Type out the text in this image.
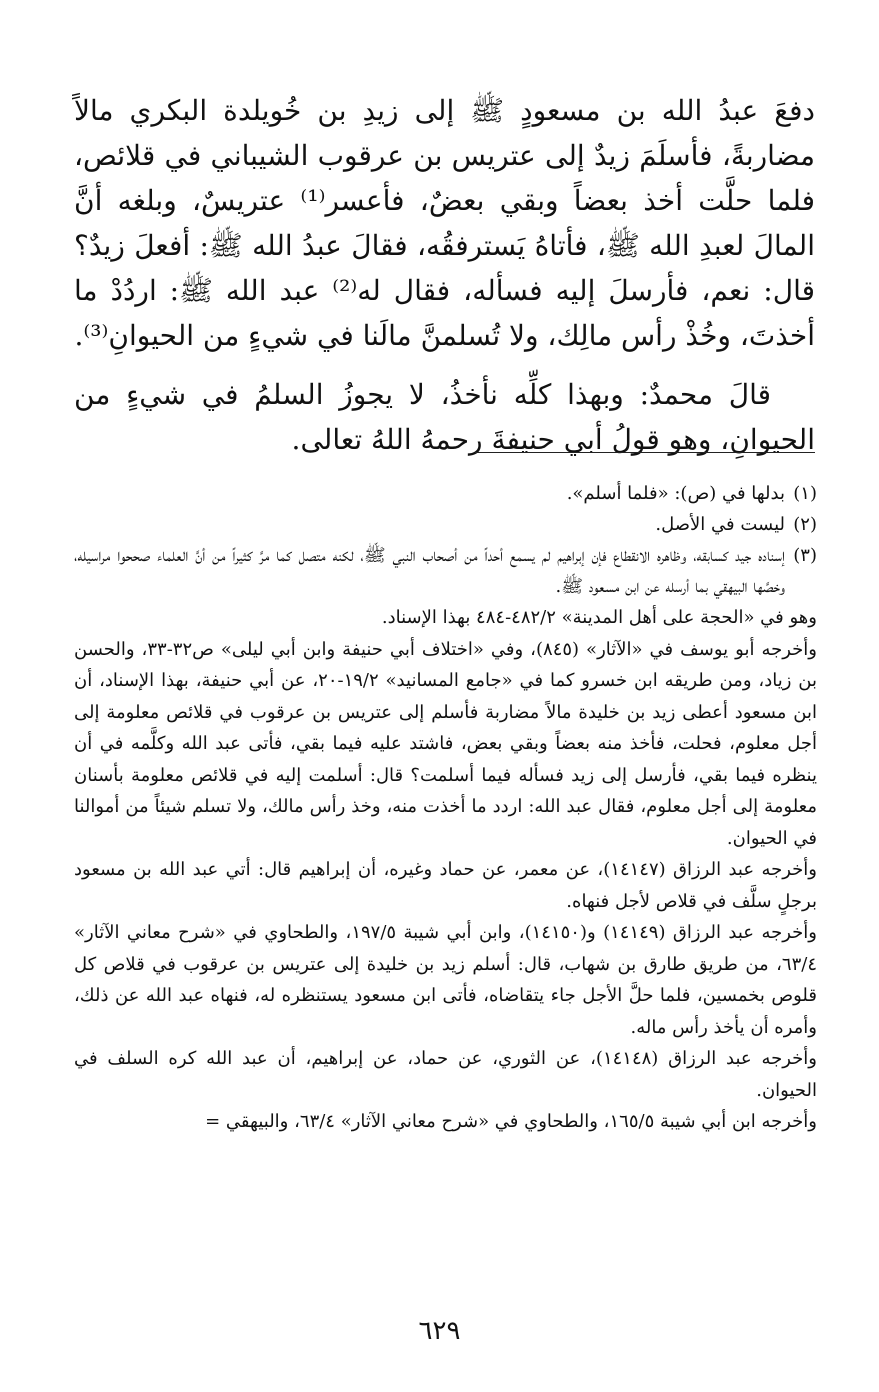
دفعَ عبدُ الله بن مسعودٍ ﷺ إلى زيدِ بن خُويلدة البكري مالاً مضاربةً، فأسلَمَ زيدٌ إلى عتريس بن عرقوب الشيباني في قلائص، فلما حلَّت أخذ بعضاً وبقي بعضٌ، فأعسر⁽¹⁾ عتريسٌ، وبلغه أنَّ المالَ لعبدِ الله ﷺ، فأتاهُ يَسترفقُه، فقالَ عبدُ الله ﷺ: أفعلَ زيدٌ؟ قال: نعم، فأرسلَ إليه فسأله، فقال له⁽²⁾ عبد الله ﷺ: اردُدْ ما أخذتَ، وخُذْ رأس مالِك، ولا تُسلمنَّ مالَنا في شيءٍ من الحيوانِ⁽³⁾.

قالَ محمدٌ: وبهذا كلِّه نأخذُ، لا يجوزُ السلمُ في شيءٍ من الحيوانِ، وهو قولُ أبي حنيفةَ رحمهُ اللهُ تعالى.

(١)
بدلها في (ص): «فلما أسلم».
(٢)
ليست في الأصل.
(٣)
إسناده جيد كسابقه، وظاهره الانقطاع فإن إبراهيم لم يسمع أحداً من أصحاب النبي ﷺ، لكنه متصل كما مرَّ كثيراً من أنَّ العلماء صححوا مراسيله، وخصَّها البيهقي بما أرسله عن ابن مسعود ﷺ.
وهو في «الحجة على أهل المدينة» ٤٨٢/٢-٤٨٤ بهذا الإسناد.
وأخرجه أبو يوسف في «الآثار» (٨٤٥)، وفي «اختلاف أبي حنيفة وابن أبي ليلى» ص٣٢-٣٣، والحسن بن زياد، ومن طريقه ابن خسرو كما في «جامع المسانيد» ١٩/٢-٢٠، عن أبي حنيفة، بهذا الإسناد، أن ابن مسعود أعطى زيد بن خليدة مالاً مضاربة فأسلم إلى عتريس بن عرقوب في قلائص معلومة إلى أجل معلوم، فحلت، فأخذ منه بعضاً وبقي بعض، فاشتد عليه فيما بقي، فأتى عبد الله وكلَّمه في أن ينظره فيما بقي، فأرسل إلى زيد فسأله فيما أسلمت؟ قال: أسلمت إليه في قلائص معلومة بأسنان معلومة إلى أجل معلوم، فقال عبد الله: اردد ما أخذت منه، وخذ رأس مالك، ولا تسلم شيئاً من أموالنا في الحيوان.
وأخرجه عبد الرزاق (١٤١٤٧)، عن معمر، عن حماد وغيره، أن إبراهيم قال: أتي عبد الله بن مسعود برجلٍ سلَّف في قلاص لأجل فنهاه.
وأخرجه عبد الرزاق (١٤١٤٩) و(١٤١٥٠)، وابن أبي شيبة ١٩٧/٥، والطحاوي في «شرح معاني الآثار» ٦٣/٤، من طريق طارق بن شهاب، قال: أسلم زيد بن خليدة إلى عتريس بن عرقوب في قلاص كل قلوص بخمسين، فلما حلَّ الأجل جاء يتقاضاه، فأتى ابن مسعود يستنظره له، فنهاه عبد الله عن ذلك، وأمره أن يأخذ رأس ماله.
وأخرجه عبد الرزاق (١٤١٤٨)، عن الثوري، عن حماد، عن إبراهيم، أن عبد الله كره السلف في الحيوان.
وأخرجه ابن أبي شيبة ١٦٥/٥، والطحاوي في «شرح معاني الآثار» ٦٣/٤، والبيهقي =
٦٢٩
